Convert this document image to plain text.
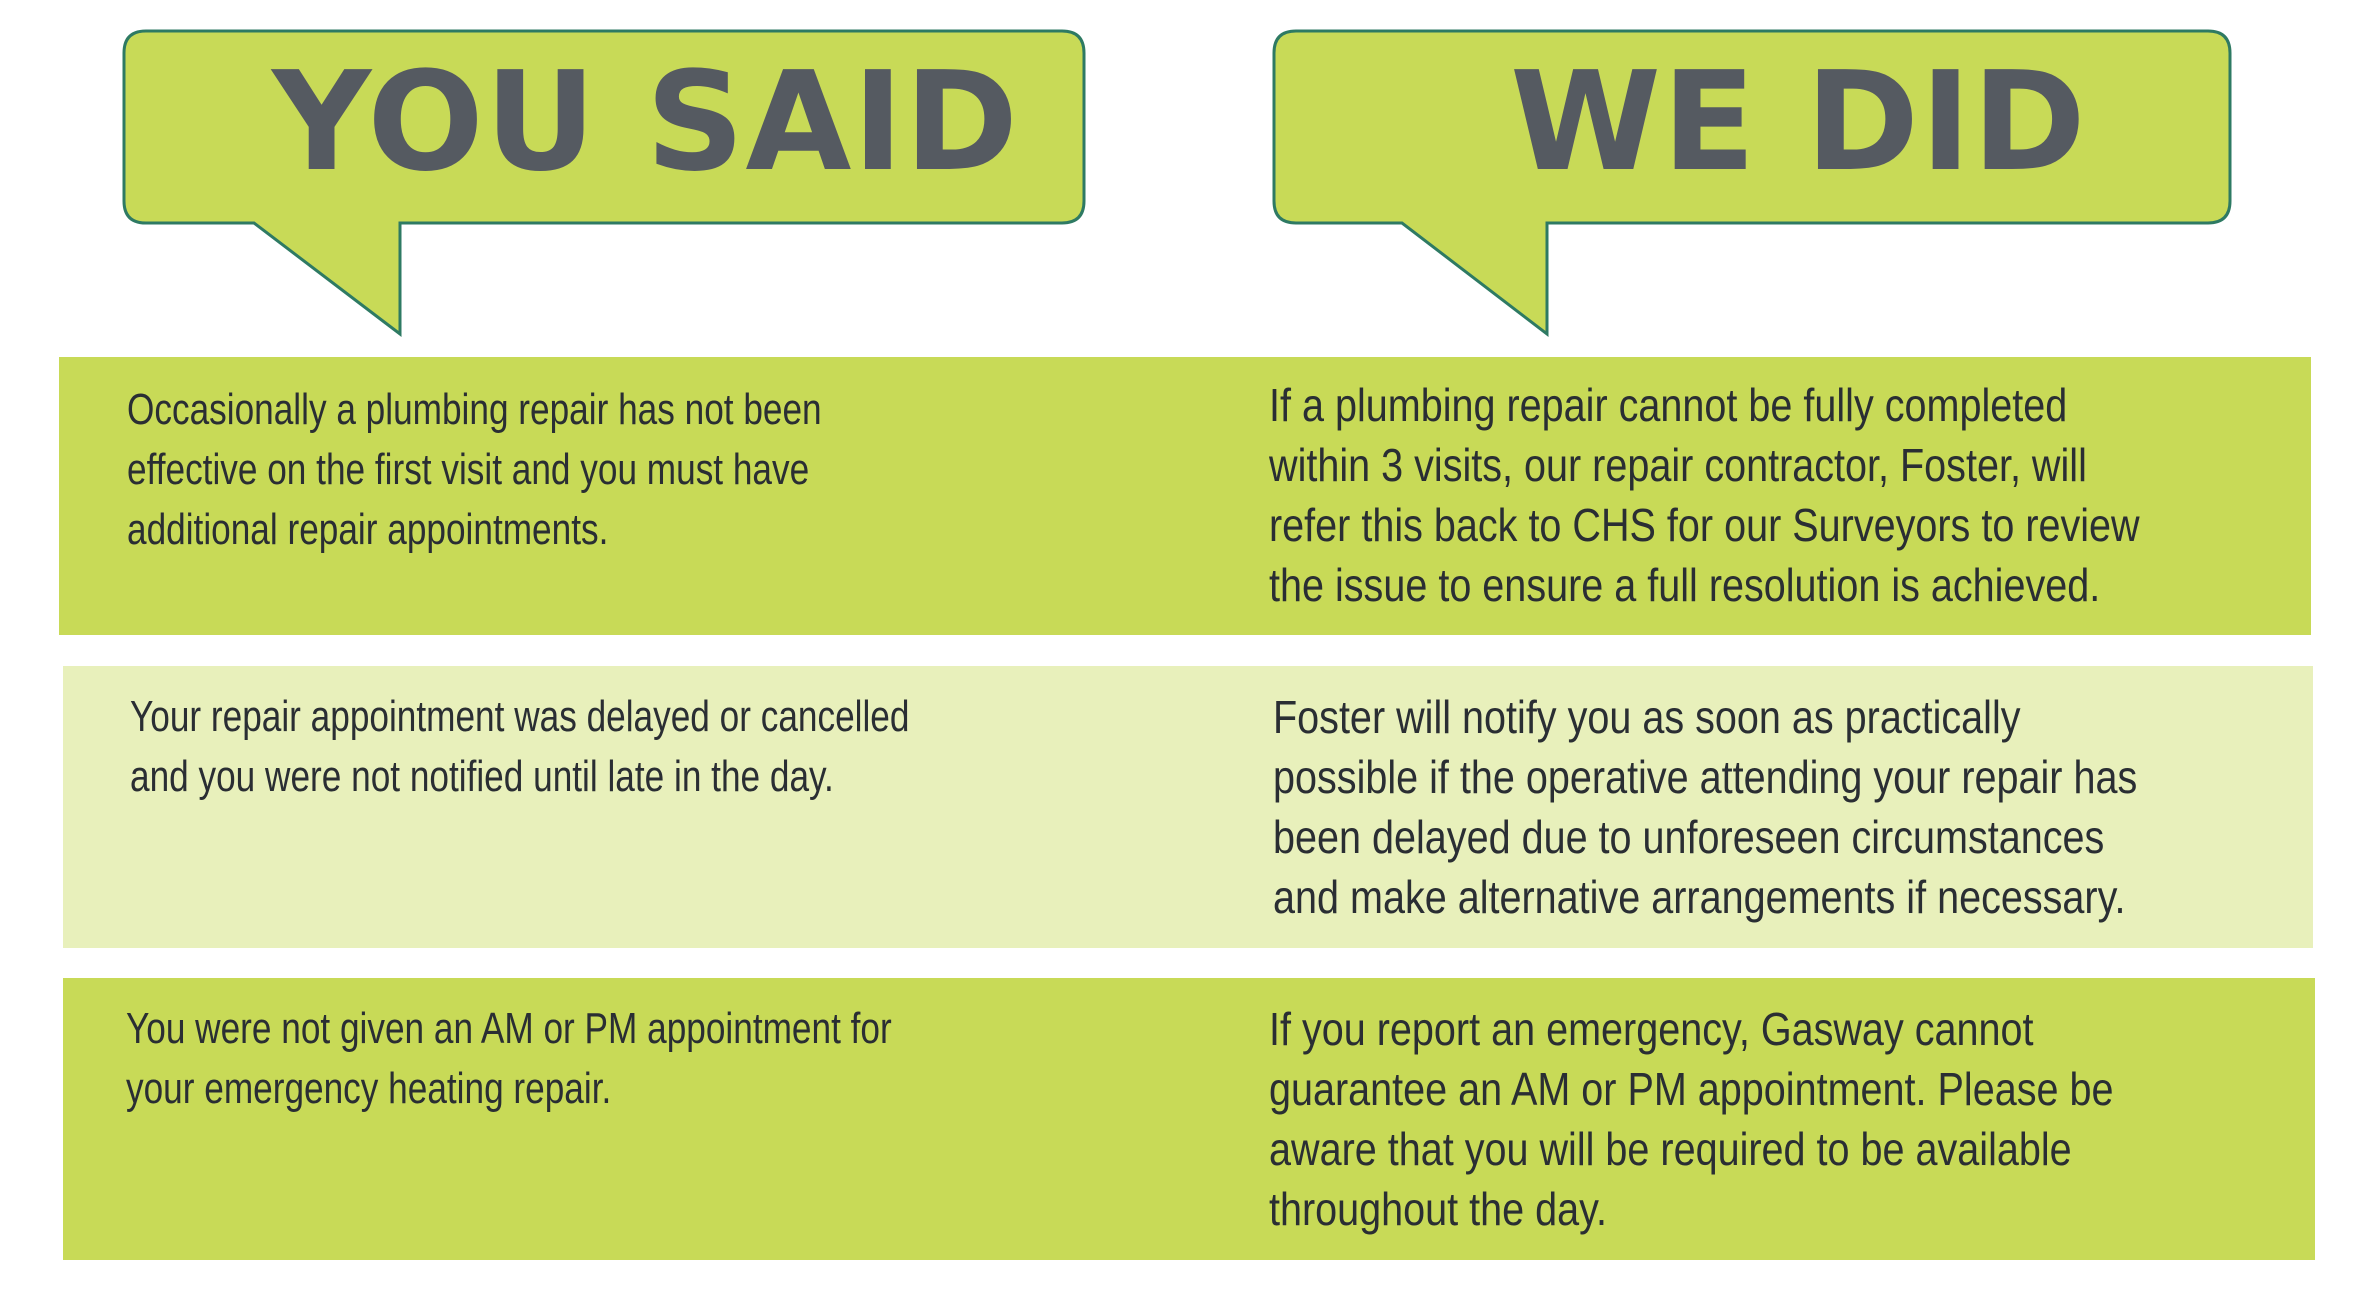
YOU SAID	WE DID
Occasionally a plumbing repair has not been effective on the first visit and you must have additional repair appointments.
If a plumbing repair cannot be fully completed within 3 visits, our repair contractor, Foster, will refer this back to CHS for our Surveyors to review the issue to ensure a full resolution is achieved.
Your repair appointment was delayed or cancelled and you were not notified until late in the day.
Foster will notify you as soon as practically possible if the operative attending your repair has been delayed due to unforeseen circumstances and make alternative arrangements if necessary.
You were not given an AM or PM appointment for your emergency heating repair.
If you report an emergency, Gasway cannot guarantee an AM or PM appointment. Please be aware that you will be required to be available throughout the day.
